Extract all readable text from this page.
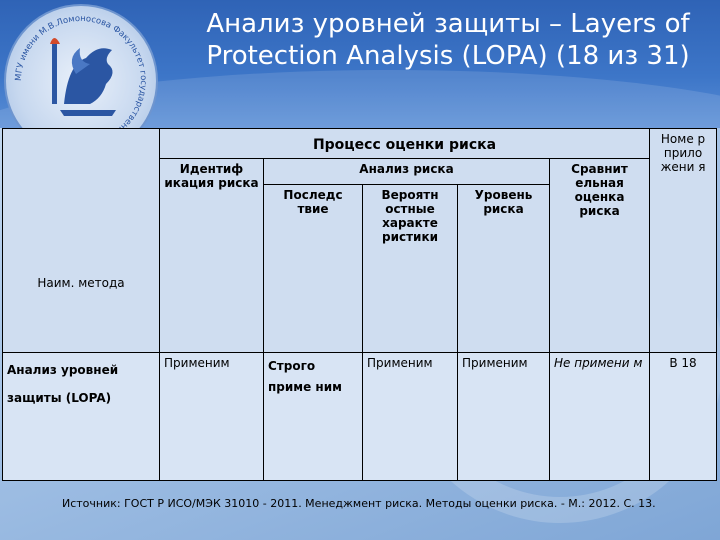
МГУ имени М.В.Ломоносова Факультет государственного управления
Анализ уровней защиты – Layers of Protection Analysis (LOPA) (18 из 31)
Наим. метода	Процесс оценки риска					Номе р прило жени я
	Идентиф икация риска	Анализ риска			Сравнит ельная оценка риска	
		Последс твие	Вероятн остные характе ристики	Уровень риска		
Анализ уровней защиты (LOPA)	Применим	Строго приме ним	Применим	Применим	Не примени м	B 18
Источник: ГОСТ Р ИСО/МЭК 31010 - 2011. Менеджмент риска. Методы оценки риска. - М.: 2012. С. 13.
